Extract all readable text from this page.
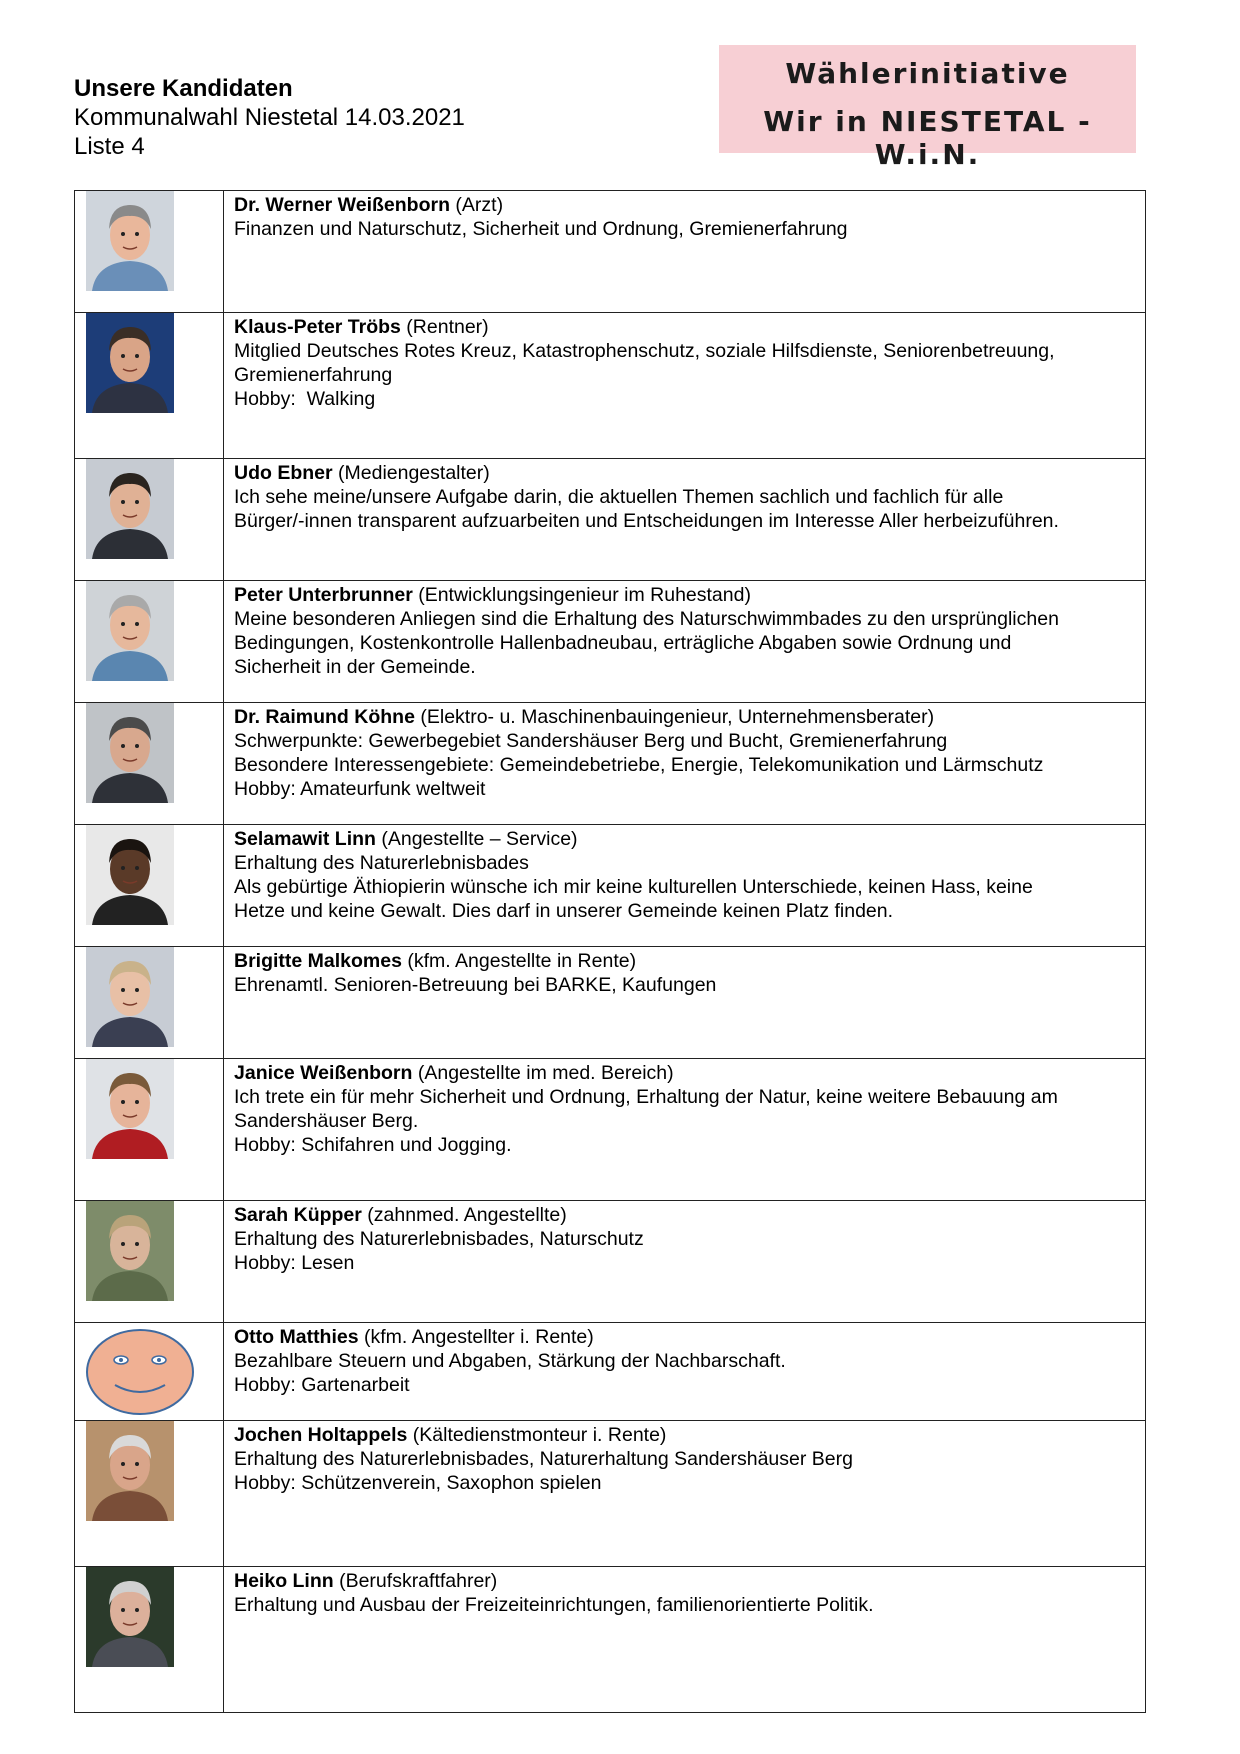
Unsere Kandidaten
Kommunalwahl Niestetal 14.03.2021
Liste 4
Wählerinitiative
Wir in NIESTETAL - W.i.N.

Dr. Werner Weißenborn (Arzt)
Finanzen und Naturschutz, Sicherheit und Ordnung, Gremienerfahrung

Klaus-Peter Tröbs (Rentner)
Mitglied Deutsches Rotes Kreuz, Katastrophenschutz, soziale Hilfsdienste, Seniorenbetreuung,
Gremienerfahrung
Hobby:  Walking

Udo Ebner (Mediengestalter)
Ich sehe meine/unsere Aufgabe darin, die aktuellen Themen sachlich und fachlich für alle
Bürger/-innen transparent aufzuarbeiten und Entscheidungen im Interesse Aller herbeizuführen.

Peter Unterbrunner (Entwicklungsingenieur im Ruhestand)
Meine besonderen Anliegen sind die Erhaltung des Naturschwimmbades zu den ursprünglichen
Bedingungen, Kostenkontrolle Hallenbadneubau, erträgliche Abgaben sowie Ordnung und
Sicherheit in der Gemeinde.

Dr. Raimund Köhne (Elektro- u. Maschinenbauingenieur, Unternehmensberater)
Schwerpunkte: Gewerbegebiet Sandershäuser Berg und Bucht, Gremienerfahrung
Besondere Interessengebiete: Gemeindebetriebe, Energie, Telekomunikation und Lärmschutz
Hobby: Amateurfunk weltweit

Selamawit Linn (Angestellte – Service)
Erhaltung des Naturerlebnisbades
Als gebürtige Äthiopierin wünsche ich mir keine kulturellen Unterschiede, keinen Hass, keine
Hetze und keine Gewalt. Dies darf in unserer Gemeinde keinen Platz finden.

Brigitte Malkomes (kfm. Angestellte in Rente)
Ehrenamtl. Senioren-Betreuung bei BARKE, Kaufungen

Janice Weißenborn (Angestellte im med. Bereich)
Ich trete ein für mehr Sicherheit und Ordnung, Erhaltung der Natur, keine weitere Bebauung am
Sandershäuser Berg.
Hobby: Schifahren und Jogging.

Sarah Küpper (zahnmed. Angestellte)
Erhaltung des Naturerlebnisbades, Naturschutz
Hobby: Lesen

Otto Matthies (kfm. Angestellter i. Rente)
Bezahlbare Steuern und Abgaben, Stärkung der Nachbarschaft.
Hobby: Gartenarbeit

Jochen Holtappels (Kältedienstmonteur i. Rente)
Erhaltung des Naturerlebnisbades, Naturerhaltung Sandershäuser Berg
Hobby: Schützenverein, Saxophon spielen

Heiko Linn (Berufskraftfahrer)
Erhaltung und Ausbau der Freizeiteinrichtungen, familienorientierte Politik.
